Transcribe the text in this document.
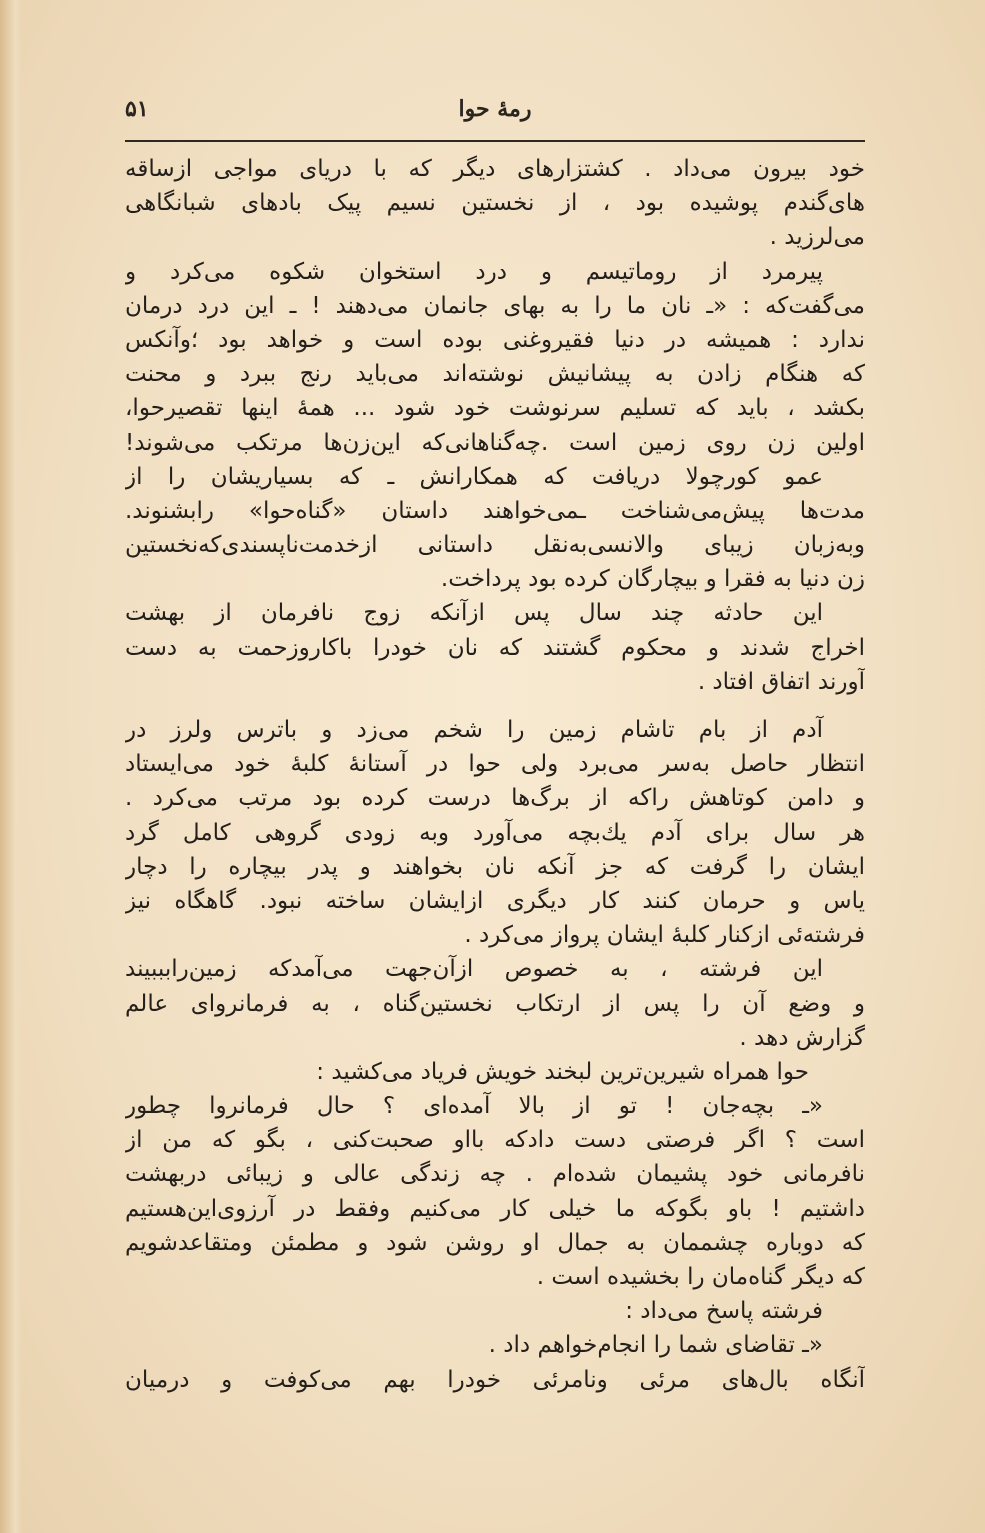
۵۱	رمهٔ حوا
خود بیرون می‌داد . کشتزارهای دیگر که با دریای مواجی ازساقه
های‌گندم پوشیده بود ، از نخستین نسیم پیک بادهای شبانگاهی
می‌لرزید .
پیرمرد از روماتیسم و درد استخوان شکوه می‌کرد و
می‌گفت‌که : «ـ نان ما را به بهای جانمان می‌دهند ! ـ این درد درمان
ندارد : همیشه در دنیا فقیروغنی بوده است و خواهد بود ؛وآنکس
که هنگام زادن به پیشانیش نوشته‌اند می‌باید رنج ببرد و محنت
بکشد ، باید که تسلیم سرنوشت خود شود ... همهٔ اینها تقصیرحوا،
اولین زن روی زمین است .چه‌گناهانی‌که این‌زن‌ها مرتکب می‌شوند!
عمو کورچولا دریافت که همکارانش ـ که بسیاریشان را از
مدت‌ها پیش‌می‌شناخت ـمی‌خواهند داستان «گناه‌حوا» رابشنوند.
وبه‌زبان زیبای والانسی‌به‌نقل داستانی ازخدمت‌ناپسندی‌که‌نخستین
زن دنیا به فقرا و بیچارگان کرده بود پرداخت.
این حادثه چند سال پس ازآنکه زوج نافرمان از بهشت
اخراج شدند و محکوم گشتند که نان خودرا باکاروزحمت به دست
آورند اتفاق افتاد .
آدم از بام تاشام زمین را شخم می‌زد و باترس ولرز در
انتظار حاصل به‌سر می‌برد ولی حوا در آستانهٔ کلبهٔ خود می‌ایستاد
و دامن کوتاهش راکه از برگ‌ها درست کرده بود مرتب می‌کرد .
هر سال برای آدم یك‌بچه می‌آورد وبه زودی گروهی کامل گرد
ایشان را گرفت که جز آنکه نان بخواهند و پدر بیچاره را دچار
یاس و حرمان کنند کار دیگری ازایشان ساخته نبود. گاهگاه نیز
فرشته‌ئی ازکنار کلبهٔ ایشان پرواز می‌کرد .
این فرشته ، به خصوص ازآن‌جهت می‌آمدکه زمین‌رابببیند
و وضع آن را پس از ارتکاب نخستین‌گناه ، به فرمانروای عالم
گزارش دهد .
حوا همراه شیرین‌ترین لبخند خویش فریاد می‌کشید :
«ـ بچه‌جان ! تو از بالا آمده‌ای ؟ حال فرمانروا چطور
است ؟ اگر فرصتی دست دادکه بااو صحبت‌کنی ، بگو که من از
نافرمانی خود پشیمان شده‌ام . چه زندگی عالی و زیبائی دربهشت
داشتیم ! باو بگوکه ما خیلی کار می‌کنیم وفقط در آرزوی‌این‌هستیم
که دوباره چشممان به جمال او روشن شود و مطمئن ومتقاعدشویم
که دیگر گناه‌مان را بخشیده است .
فرشته پاسخ می‌داد :
«ـ تقاضای شما را انجام‌خواهم داد .
آنگاه بال‌های مرئی ونامرئی خودرا بهم می‌کوفت و درمیان
